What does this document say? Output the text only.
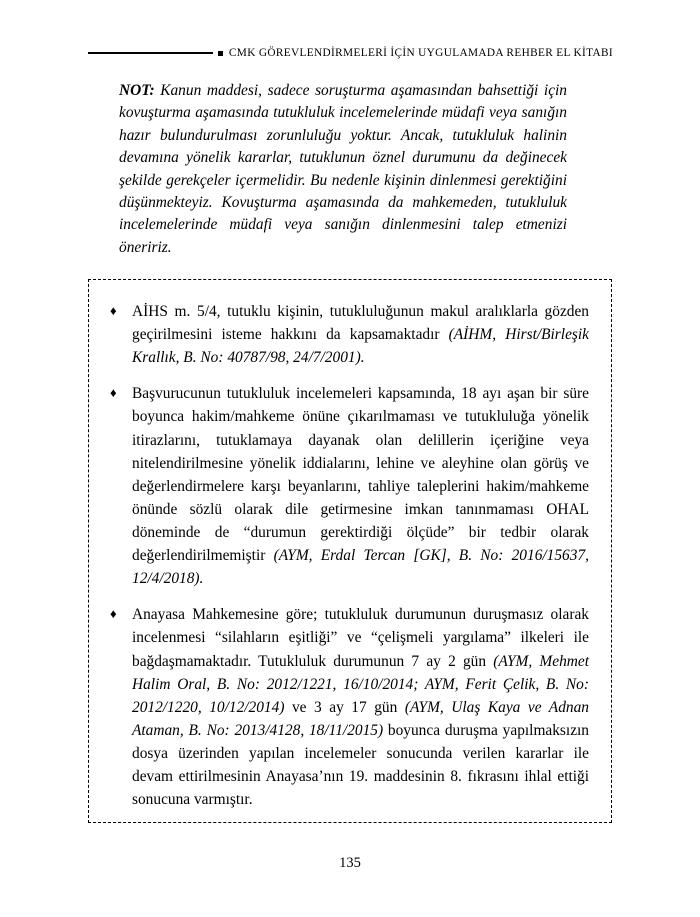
CMK GÖREVLENDİRMELERİ İÇİN UYGULAMADA REHBER EL KİTABI
NOT: Kanun maddesi, sadece soruşturma aşamasından bahsettiği için kovuşturma aşamasında tutukluluk incelemelerinde müdafi veya sanığın hazır bulundurulması zorunluluğu yoktur. Ancak, tutukluluk halinin devamına yönelik kararlar, tutuklunun öznel durumunu da değinecek şekilde gerekçeler içermelidir. Bu nedenle kişinin dinlenmesi gerektiğini düşünmekteyiz. Kovuşturma aşamasında da mahkemeden, tutukluluk incelemelerinde müdafi veya sanığın dinlenmesini talep etmenizi öneririz.
♦ AİHS m. 5/4, tutuklu kişinin, tutukluluğunun makul aralıklarla gözden geçirilmesini isteme hakkını da kapsamaktadır (AİHM, Hirst/Birleşik Krallık, B. No: 40787/98, 24/7/2001).
♦ Başvurucunun tutukluluk incelemeleri kapsamında, 18 ayı aşan bir süre boyunca hakim/mahkeme önüne çıkarılmaması ve tutukluluğa yönelik itirazlarını, tutuklamaya dayanak olan delillerin içeriğine veya nitelendirilmesine yönelik iddialarını, lehine ve aleyhine olan görüş ve değerlendirmelere karşı beyanlarını, tahliye taleplerini hakim/mahkeme önünde sözlü olarak dile getirmesine imkan tanınmaması OHAL döneminde de “durumun gerektirdiği ölçüde” bir tedbir olarak değerlendirilmemiştir (AYM, Erdal Tercan [GK], B. No: 2016/15637, 12/4/2018).
♦ Anayasa Mahkemesine göre; tutukluluk durumunun duruşmasız olarak incelenmesi “silahların eşitliği” ve “çelişmeli yargılama” ilkeleri ile bağdaşmamaktadır. Tutukluluk durumunun 7 ay 2 gün (AYM, Mehmet Halim Oral, B. No: 2012/1221, 16/10/2014; AYM, Ferit Çelik, B. No: 2012/1220, 10/12/2014) ve 3 ay 17 gün (AYM, Ulaş Kaya ve Adnan Ataman, B. No: 2013/4128, 18/11/2015) boyunca duruşma yapılmaksızın dosya üzerinden yapılan incelemeler sonucunda verilen kararlar ile devam ettirilmesinin Anayasa’nın 19. maddesinin 8. fıkrasını ihlal ettiği sonucuna varmıştır.
135
